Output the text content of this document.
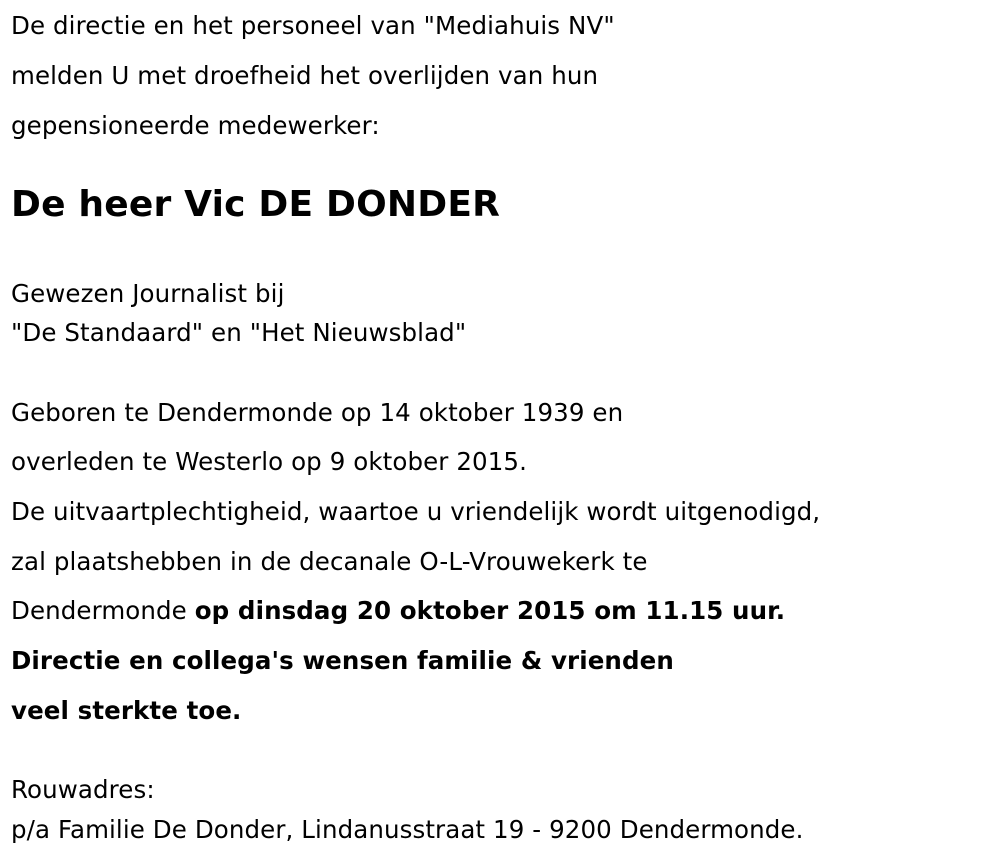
De directie en het personeel van "Mediahuis NV"
melden U met droefheid het overlijden van hun
gepensioneerde medewerker:
De heer Vic DE DONDER
Gewezen Journalist bij
"De Standaard" en "Het Nieuwsblad"
Geboren te Dendermonde op 14 oktober 1939 en
overleden te Westerlo op 9 oktober 2015.
De uitvaartplechtigheid, waartoe u vriendelijk wordt uitgenodigd,
zal plaatshebben in de decanale O-L-Vrouwekerk te
Dendermonde op dinsdag 20 oktober 2015 om 11.15 uur.
Directie en collega's wensen familie & vrienden
veel sterkte toe.
Rouwadres:
p/a Familie De Donder, Lindanusstraat 19 - 9200 Dendermonde.
